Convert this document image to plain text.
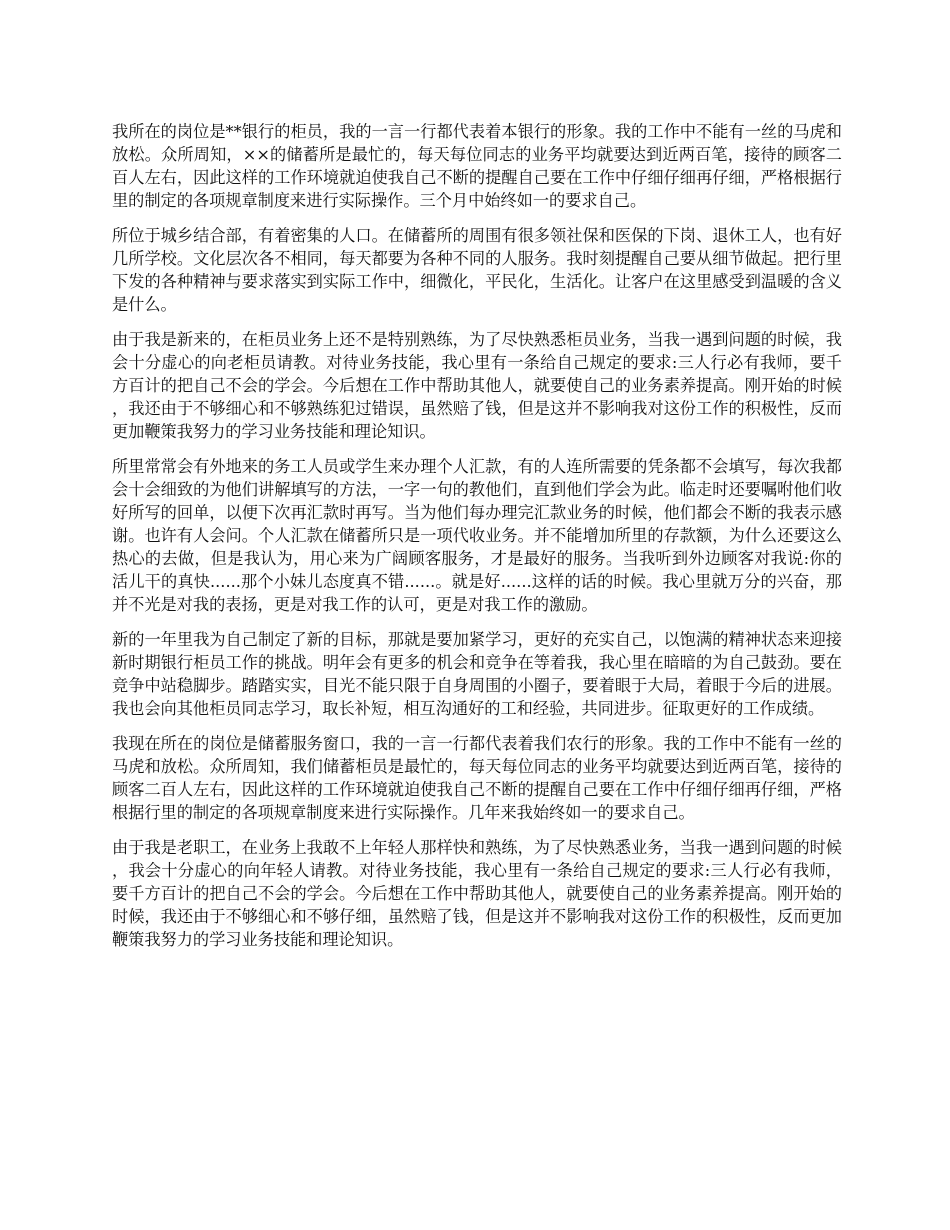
我所在的岗位是**银行的柜员，我的一言一行都代表着本银行的形象。我的工作中不能有一丝的马虎和放松。众所周知，××的储蓄所是最忙的，每天每位同志的业务平均就要达到近两百笔，接待的顾客二百人左右，因此这样的工作环境就迫使我自己不断的提醒自己要在工作中仔细仔细再仔细，严格根据行里的制定的各项规章制度来进行实际操作。三个月中始终如一的要求自己。

所位于城乡结合部，有着密集的人口。在储蓄所的周围有很多领社保和医保的下岗、退休工人，也有好几所学校。文化层次各不相同，每天都要为各种不同的人服务。我时刻提醒自己要从细节做起。把行里下发的各种精神与要求落实到实际工作中，细微化，平民化，生活化。让客户在这里感受到温暖的含义是什么。

由于我是新来的，在柜员业务上还不是特别熟练，为了尽快熟悉柜员业务，当我一遇到问题的时候，我会十分虚心的向老柜员请教。对待业务技能，我心里有一条给自己规定的要求:三人行必有我师，要千方百计的把自己不会的学会。今后想在工作中帮助其他人，就要使自己的业务素养提高。刚开始的时候，我还由于不够细心和不够熟练犯过错误，虽然赔了钱，但是这并不影响我对这份工作的积极性，反而更加鞭策我努力的学习业务技能和理论知识。

所里常常会有外地来的务工人员或学生来办理个人汇款，有的人连所需要的凭条都不会填写，每次我都会十会细致的为他们讲解填写的方法，一字一句的教他们，直到他们学会为此。临走时还要嘱咐他们收好所写的回单，以便下次再汇款时再写。当为他们每办理完汇款业务的时候，他们都会不断的我表示感谢。也许有人会问。个人汇款在储蓄所只是一项代收业务。并不能增加所里的存款额，为什么还要这么热心的去做，但是我认为，用心来为广阔顾客服务，才是最好的服务。当我听到外边顾客对我说:你的活儿干的真快......那个小妹儿态度真不错......。就是好......这样的话的时候。我心里就万分的兴奋，那并不光是对我的表扬，更是对我工作的认可，更是对我工作的激励。

新的一年里我为自己制定了新的目标，那就是要加紧学习，更好的充实自己，以饱满的精神状态来迎接新时期银行柜员工作的挑战。明年会有更多的机会和竞争在等着我，我心里在暗暗的为自己鼓劲。要在竞争中站稳脚步。踏踏实实，目光不能只限于自身周围的小圈子，要着眼于大局，着眼于今后的进展。我也会向其他柜员同志学习，取长补短，相互沟通好的工和经验，共同进步。征取更好的工作成绩。

我现在所在的岗位是储蓄服务窗口，我的一言一行都代表着我们农行的形象。我的工作中不能有一丝的马虎和放松。众所周知，我们储蓄柜员是最忙的，每天每位同志的业务平均就要达到近两百笔，接待的顾客二百人左右，因此这样的工作环境就迫使我自己不断的提醒自己要在工作中仔细仔细再仔细，严格根据行里的制定的各项规章制度来进行实际操作。几年来我始终如一的要求自己。

由于我是老职工，在业务上我敢不上年轻人那样快和熟练，为了尽快熟悉业务，当我一遇到问题的时候，我会十分虚心的向年轻人请教。对待业务技能，我心里有一条给自己规定的要求:三人行必有我师，要千方百计的把自己不会的学会。今后想在工作中帮助其他人，就要使自己的业务素养提高。刚开始的时候，我还由于不够细心和不够仔细，虽然赔了钱，但是这并不影响我对这份工作的积极性，反而更加鞭策我努力的学习业务技能和理论知识。
